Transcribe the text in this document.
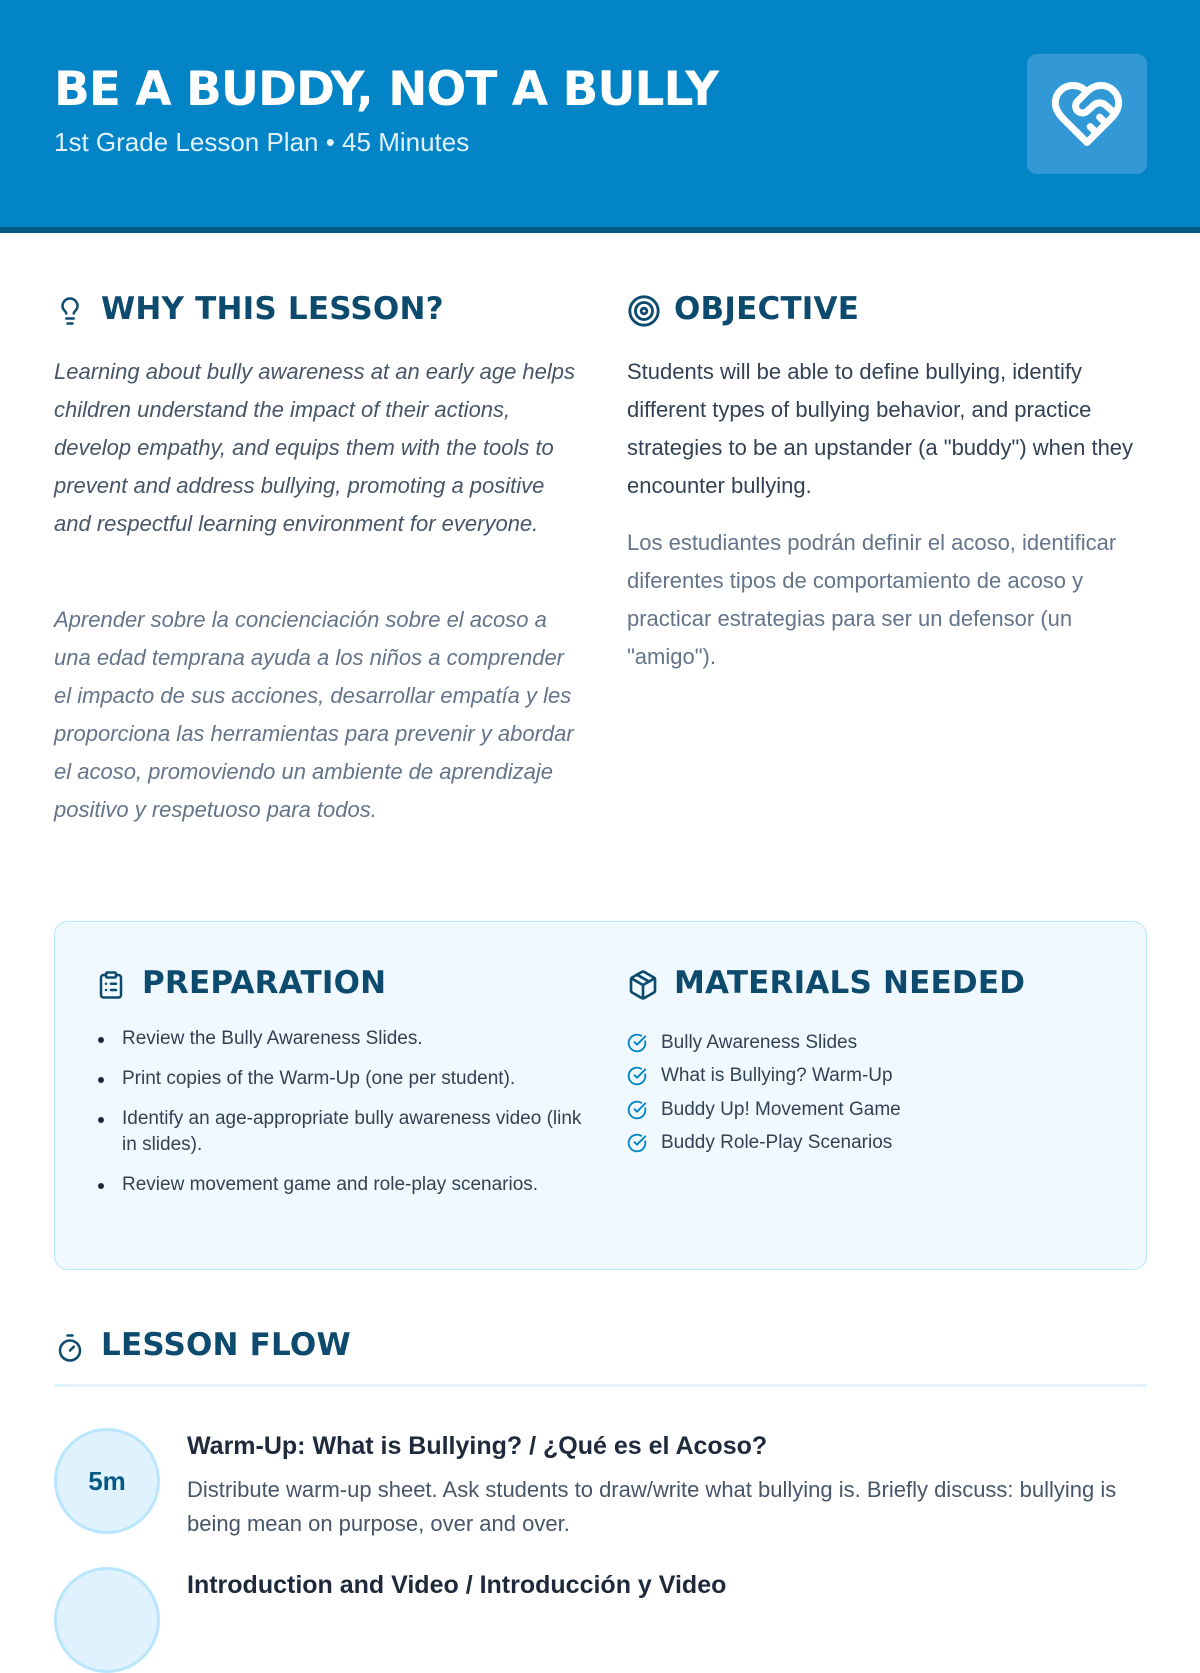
BE A BUDDY, NOT A BULLY
1st Grade Lesson Plan • 45 Minutes
WHY THIS LESSON?
Learning about bully awareness at an early age helps children understand the impact of their actions, develop empathy, and equips them with the tools to prevent and address bullying, promoting a positive and respectful learning environment for everyone.
Aprender sobre la concienciación sobre el acoso a una edad temprana ayuda a los niños a comprender el impacto de sus acciones, desarrollar empatía y les proporciona las herramientas para prevenir y abordar el acoso, promoviendo un ambiente de aprendizaje positivo y respetuoso para todos.
OBJECTIVE
Students will be able to define bullying, identify different types of bullying behavior, and practice strategies to be an upstander (a "buddy") when they encounter bullying.
Los estudiantes podrán definir el acoso, identificar diferentes tipos de comportamiento de acoso y practicar estrategias para ser un defensor (un "amigo").
PREPARATION
Review the Bully Awareness Slides.
Print copies of the Warm-Up (one per student).
Identify an age-appropriate bully awareness video (link in slides).
Review movement game and role-play scenarios.
MATERIALS NEEDED
Bully Awareness Slides
What is Bullying? Warm-Up
Buddy Up! Movement Game
Buddy Role-Play Scenarios
LESSON FLOW
5m
Warm-Up: What is Bullying? / ¿Qué es el Acoso?
Distribute warm-up sheet. Ask students to draw/write what bullying is. Briefly discuss: bullying is being mean on purpose, over and over.
Introduction and Video / Introducción y Video
